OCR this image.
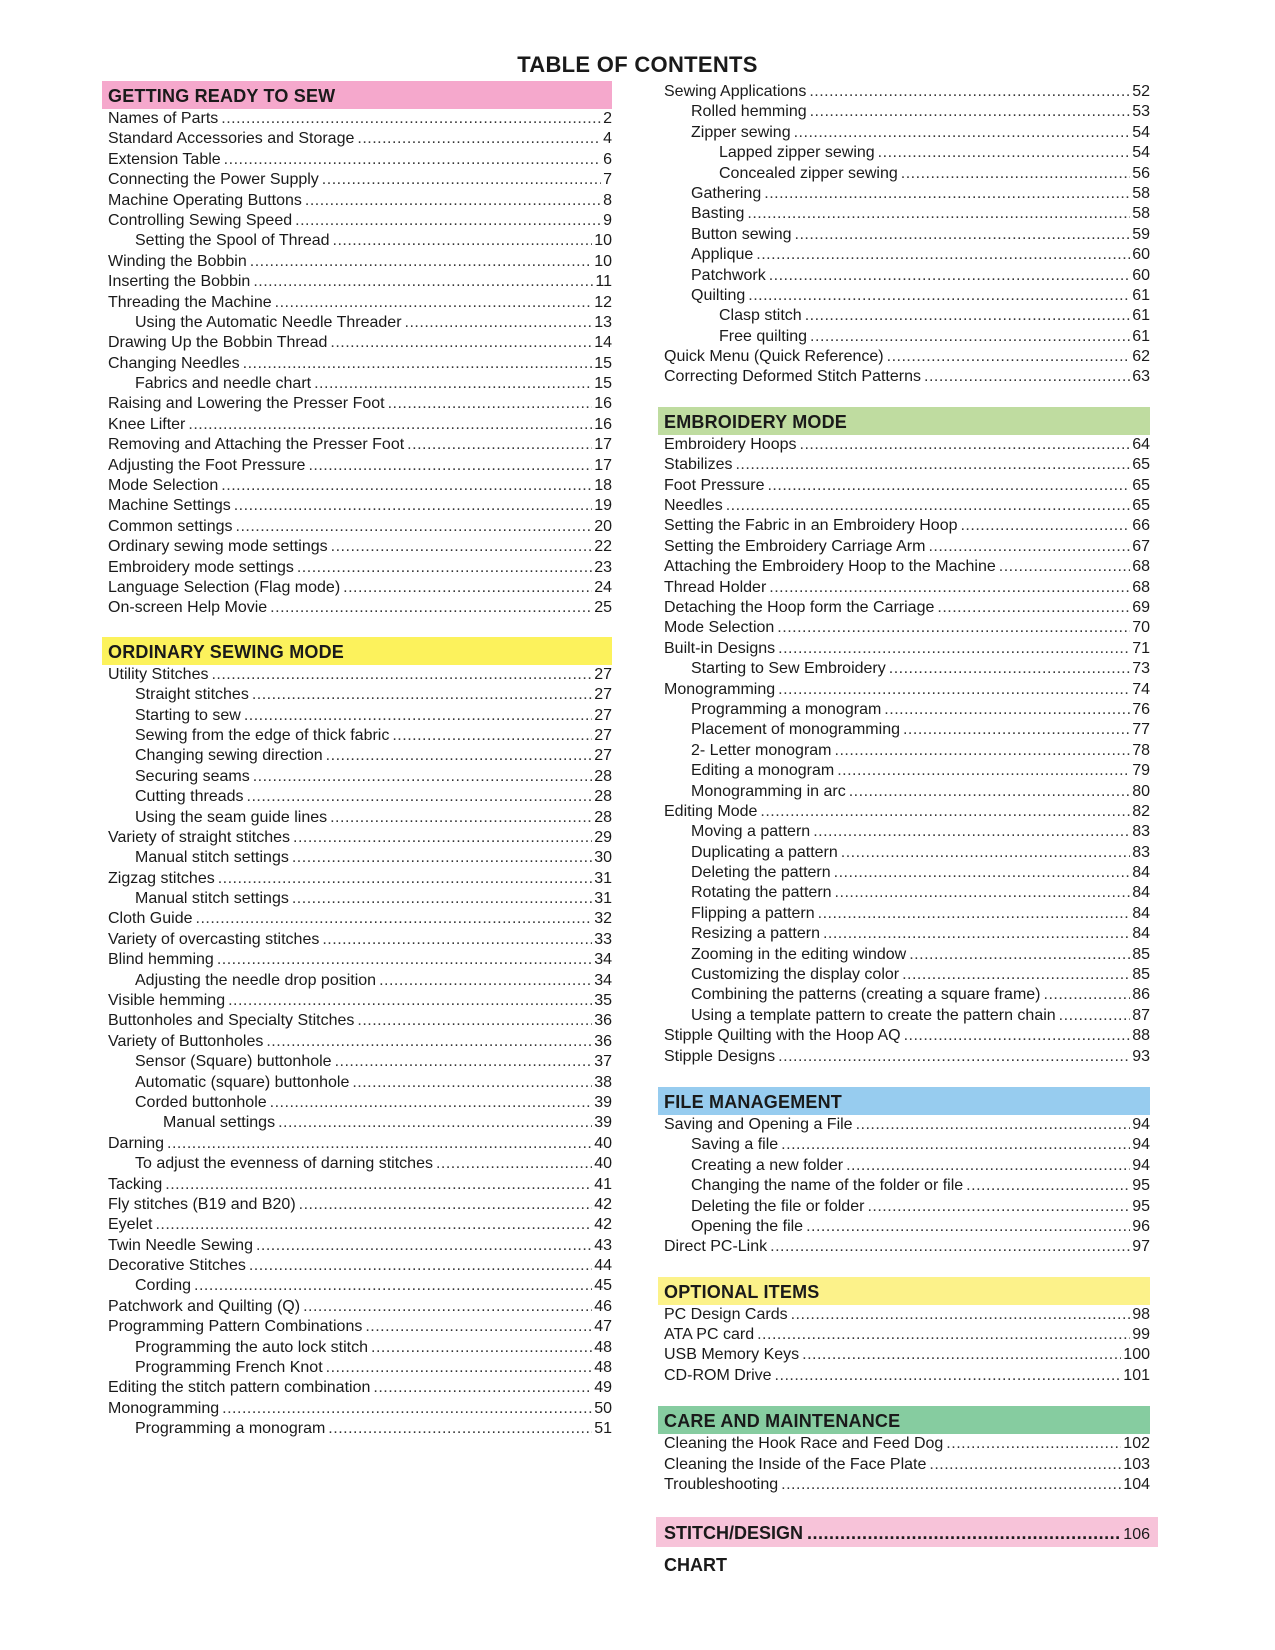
TABLE OF CONTENTS
GETTING READY TO SEW
Names of Parts .....	2
Standard Accessories and Storage .....	4
Extension Table .....	6
Connecting the Power Supply .....	7
Machine Operating Buttons .....	8
Controlling Sewing Speed .....	9
Setting the Spool of Thread .....	10
Winding the Bobbin .....	10
Inserting the Bobbin .....	11
Threading the Machine .....	12
Using the Automatic Needle Threader .....	13
Drawing Up the Bobbin Thread .....	14
Changing Needles .....	15
Fabrics and needle chart .....	15
Raising and Lowering the Presser Foot .....	16
Knee Lifter .....	16
Removing and Attaching the Presser Foot .....	17
Adjusting the Foot Pressure .....	17
Mode Selection .....	18
Machine Settings .....	19
Common settings .....	20
Ordinary sewing mode settings .....	22
Embroidery mode settings .....	23
Language Selection (Flag mode) .....	24
On-screen Help Movie .....	25
ORDINARY SEWING MODE
Utility Stitches .....	27
Straight stitches .....	27
Starting to sew .....	27
Sewing from the edge of thick fabric .....	27
Changing sewing direction .....	27
Securing seams .....	28
Cutting threads .....	28
Using the seam guide lines .....	28
Variety of straight stitches .....	29
Manual stitch settings .....	30
Zigzag stitches .....	31
Manual stitch settings .....	31
Cloth Guide .....	32
Variety of overcasting stitches .....	33
Blind hemming .....	34
Adjusting the needle drop position .....	34
Visible hemming .....	35
Buttonholes and Specialty Stitches .....	36
Variety of Buttonholes .....	36
Sensor (Square) buttonhole .....	37
Automatic (square) buttonhole .....	38
Corded buttonhole .....	39
Manual settings .....	39
Darning .....	40
To adjust the evenness of darning stitches .....	40
Tacking .....	41
Fly stitches (B19 and B20) .....	42
Eyelet .....	42
Twin Needle Sewing .....	43
Decorative Stitches .....	44
Cording .....	45
Patchwork and Quilting (Q) .....	46
Programming Pattern Combinations .....	47
Programming the auto lock stitch .....	48
Programming French Knot .....	48
Editing the stitch pattern combination .....	49
Monogramming .....	50
Programming a monogram .....	51
Sewing Applications .....	52
Rolled hemming .....	53
Zipper sewing .....	54
Lapped zipper sewing .....	54
Concealed zipper sewing .....	56
Gathering .....	58
Basting .....	58
Button sewing .....	59
Applique .....	60
Patchwork .....	60
Quilting .....	61
Clasp stitch .....	61
Free quilting .....	61
Quick Menu (Quick Reference) .....	62
Correcting Deformed Stitch Patterns .....	63
EMBROIDERY MODE
Embroidery Hoops .....	64
Stabilizes .....	65
Foot Pressure .....	65
Needles .....	65
Setting the Fabric in an Embroidery Hoop .....	66
Setting the Embroidery Carriage Arm .....	67
Attaching the Embroidery Hoop to the Machine .....	68
Thread Holder .....	68
Detaching the Hoop form the Carriage .....	69
Mode Selection .....	70
Built-in Designs .....	71
Starting to Sew Embroidery .....	73
Monogramming .....	74
Programming a monogram .....	76
Placement of monogramming .....	77
2- Letter monogram .....	78
Editing a monogram .....	79
Monogramming in arc .....	80
Editing Mode .....	82
Moving a pattern .....	83
Duplicating a pattern .....	83
Deleting the pattern .....	84
Rotating the pattern .....	84
Flipping a pattern .....	84
Resizing a pattern .....	84
Zooming in the editing window .....	85
Customizing the display color .....	85
Combining the patterns (creating a square frame) .....	86
Using a template pattern to create the pattern chain .....	87
Stipple Quilting with the Hoop AQ .....	88
Stipple Designs .....	93
FILE MANAGEMENT
Saving and Opening a File .....	94
Saving a file .....	94
Creating a new folder .....	94
Changing the name of the folder or file .....	95
Deleting the file or folder .....	95
Opening the file .....	96
Direct PC-Link .....	97
OPTIONAL ITEMS
PC Design Cards .....	98
ATA PC card .....	99
USB Memory Keys .....	100
CD-ROM Drive .....	101
CARE AND MAINTENANCE
Cleaning the Hook Race and Feed Dog .....	102
Cleaning the Inside of the Face Plate .....	103
Troubleshooting .....	104
STITCH/DESIGN CHART
.....
106
